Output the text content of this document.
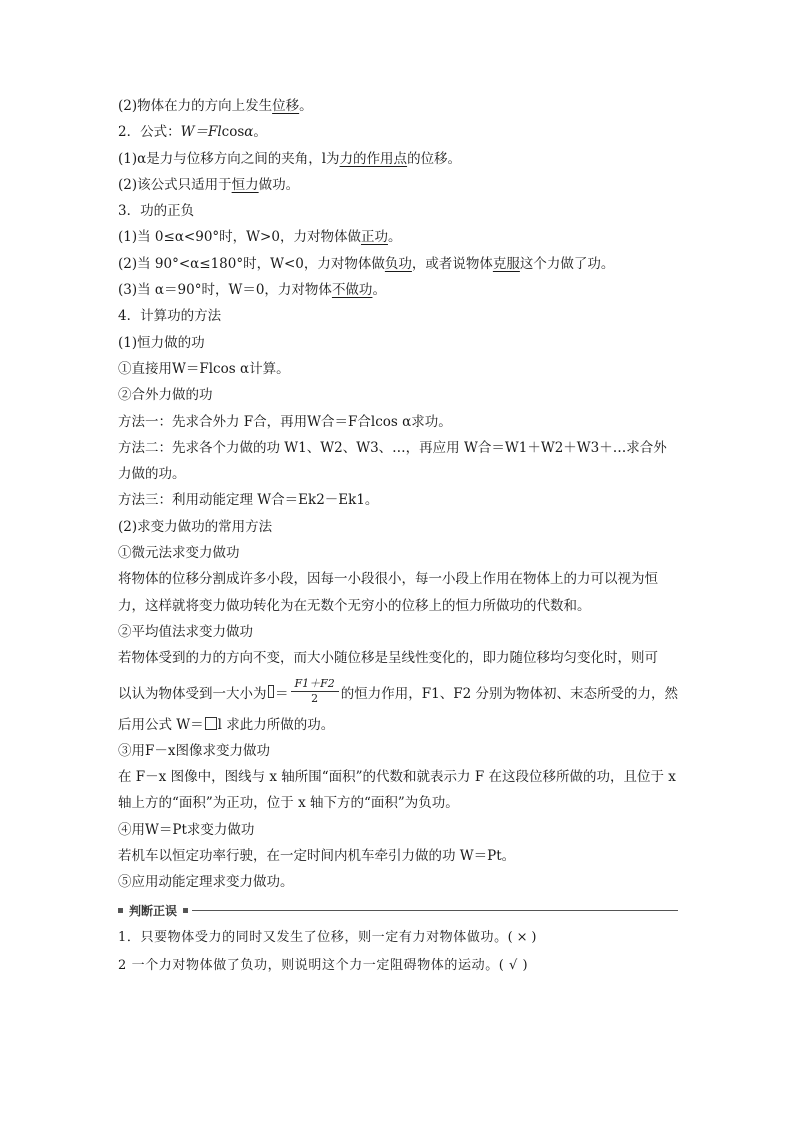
(2)物体在力的方向上发生位移。
2．公式：W＝Flcosα。
(1)α是力与位移方向之间的夹角，l为力的作用点的位移。
(2)该公式只适用于恒力做功。
3．功的正负
(1)当 0≤α<90°时，W>0，力对物体做正功。
(2)当 90°<α≤180°时，W<0，力对物体做负功，或者说物体克服这个力做了功。
(3)当 α＝90°时，W＝0，力对物体不做功。
4．计算功的方法
(1)恒力做的功
①直接用W＝Flcos α计算。
②合外力做的功
方法一：先求合外力 F合，再用W合＝F合lcos α求功。
方法二：先求各个力做的功 W1、W2、W3、…，再应用 W合＝W1＋W2＋W3＋…求合外力做的功。
方法三：利用动能定理 W合＝Ek2－Ek1。
(2)求变力做功的常用方法
①微元法求变力做功
将物体的位移分割成许多小段，因每一小段很小，每一小段上作用在物体上的力可以视为恒力，这样就将变力做功转化为在无数个无穷小的位移上的恒力所做功的代数和。
②平均值法求变力做功
若物体受到的力的方向不变，而大小随位移是呈线性变化的，即力随位移均匀变化时，则可
以认为物体受到一大小为 ＝ $\frac{F1+F2}{2}$ 的恒力作用，F1、F2 分别为物体初、末态所受的力，然
后用公式 W＝ l 求此力所做的功。
③用F－x图像求变力做功
在 F－x 图像中，图线与 x 轴所围“面积”的代数和就表示力 F 在这段位移所做的功，且位于 x 轴上方的“面积”为正功，位于 x 轴下方的“面积”为负功。
④用W＝Pt求变力做功
若机车以恒定功率行驶，在一定时间内机车牵引力做的功 W＝Pt。
⑤应用动能定理求变力做功。
判断正误
1．只要物体受力的同时又发生了位移，则一定有力对物体做功。( × )
2 一个力对物体做了负功，则说明这个力一定阻碍物体的运动。( √ )
